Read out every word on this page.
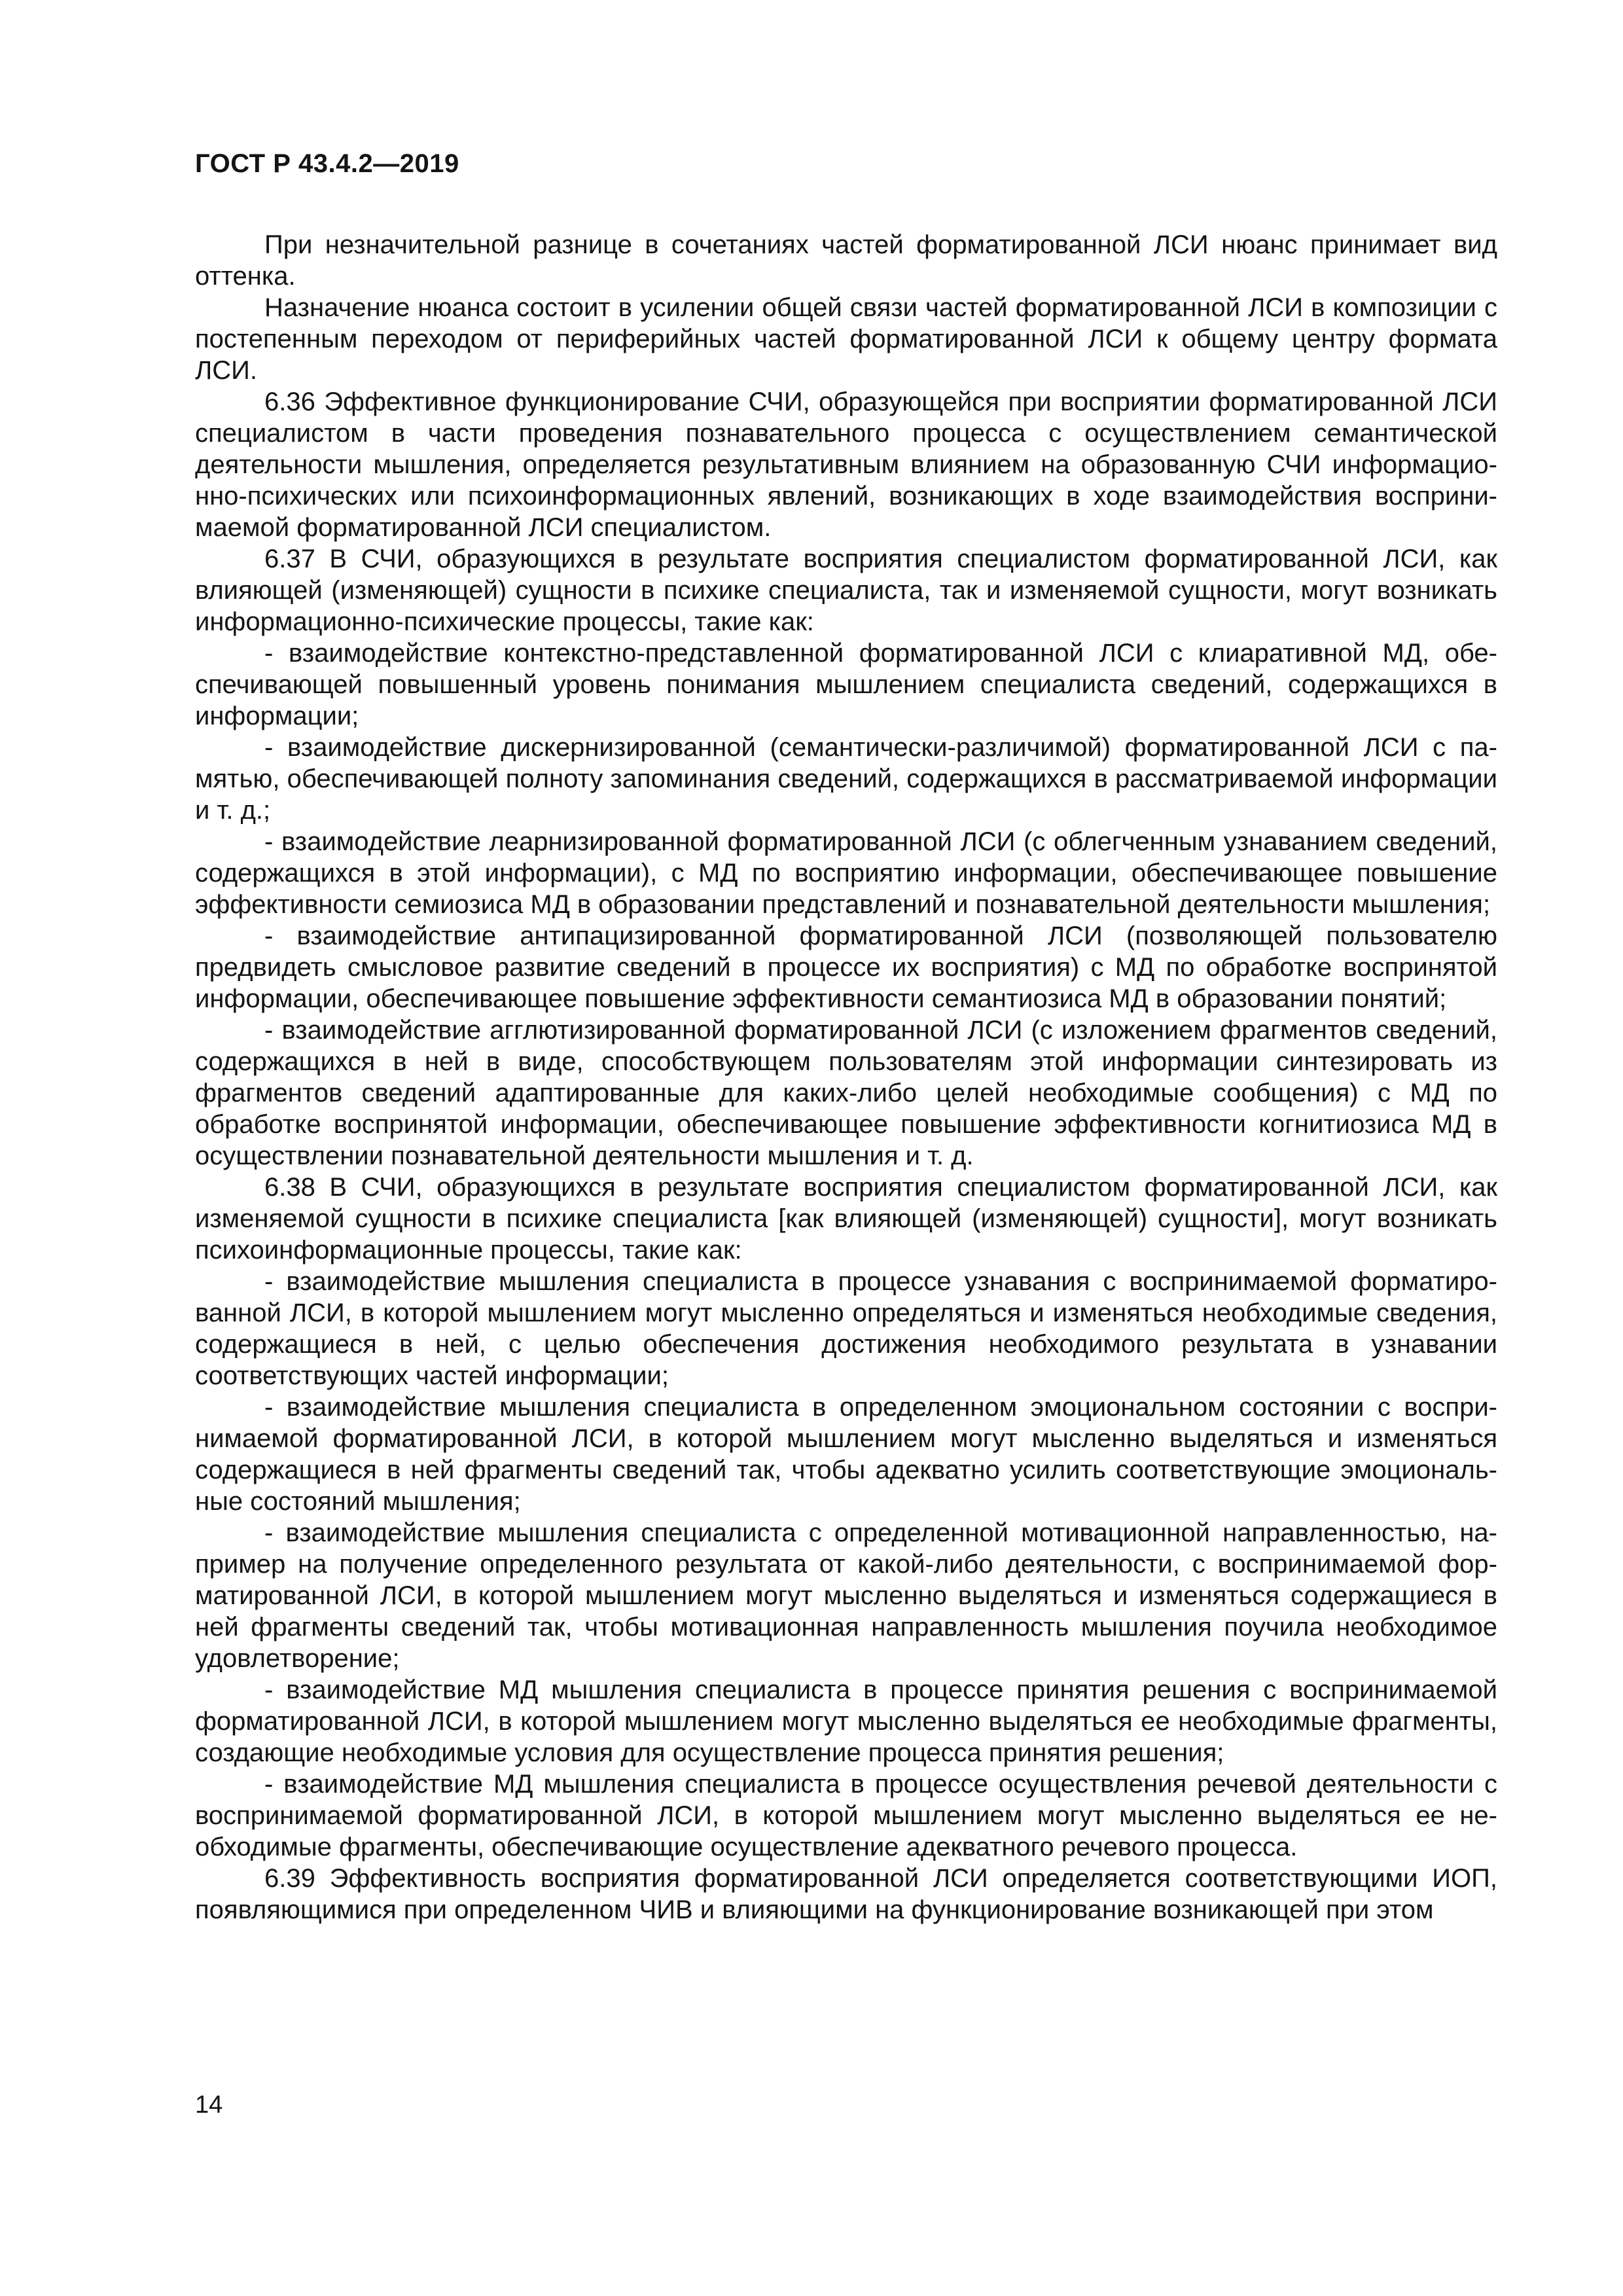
ГОСТ Р 43.4.2—2019

При незначительной разнице в сочетаниях частей форматированной ЛСИ нюанс принимает вид оттенка.

Назначение нюанса состоит в усилении общей связи частей форматированной ЛСИ в композиции с постепенным переходом от периферийных частей форматированной ЛСИ к общему центру формата ЛСИ.

6.36 Эффективное функционирование СЧИ, образующейся при восприятии форматированной ЛСИ специалистом в части проведения познавательного процесса с осуществлением семантической деятельности мышления, определяется результативным влиянием на образованную СЧИ информационно-психических или психоинформационных явлений, возникающих в ходе взаимодействия воспринимаемой форматированной ЛСИ специалистом.

6.37 В СЧИ, образующихся в результате восприятия специалистом форматированной ЛСИ, как влияющей (изменяющей) сущности в психике специалиста, так и изменяемой сущности, могут возникать информационно-психические процессы, такие как:

- взаимодействие контекстно-представленной форматированной ЛСИ с клиаративной МД, обеспечивающей повышенный уровень понимания мышлением специалиста сведений, содержащихся в информации;

- взаимодействие дискернизированной (семантически-различимой) форматированной ЛСИ с памятью, обеспечивающей полноту запоминания сведений, содержащихся в рассматриваемой информации и т. д.;

- взаимодействие леарнизированной форматированной ЛСИ (с облегченным узнаванием сведений, содержащихся в этой информации), с МД по восприятию информации, обеспечивающее повышение эффективности семиозиса МД в образовании представлений и познавательной деятельности мышления;

- взаимодействие антипацизированной форматированной ЛСИ (позволяющей пользователю предвидеть смысловое развитие сведений в процессе их восприятия) с МД по обработке воспринятой информации, обеспечивающее повышение эффективности семантиозиса МД в образовании понятий;

- взаимодействие агглютизированной форматированной ЛСИ (с изложением фрагментов сведений, содержащихся в ней в виде, способствующем пользователям этой информации синтезировать из фрагментов сведений адаптированные для каких-либо целей необходимые сообщения) с МД по обработке воспринятой информации, обеспечивающее повышение эффективности когнитиозиса МД в осуществлении познавательной деятельности мышления и т. д.

6.38 В СЧИ, образующихся в результате восприятия специалистом форматированной ЛСИ, как изменяемой сущности в психике специалиста [как влияющей (изменяющей) сущности], могут возникать психоинформационные процессы, такие как:

- взаимодействие мышления специалиста в процессе узнавания с воспринимаемой форматированной ЛСИ, в которой мышлением могут мысленно определяться и изменяться необходимые сведения, содержащиеся в ней, с целью обеспечения достижения необходимого результата в узнавании соответствующих частей информации;

- взаимодействие мышления специалиста в определенном эмоциональном состоянии с воспринимаемой форматированной ЛСИ, в которой мышлением могут мысленно выделяться и изменяться содержащиеся в ней фрагменты сведений так, чтобы адекватно усилить соответствующие эмоциональные состояний мышления;

- взаимодействие мышления специалиста с определенной мотивационной направленностью, например на получение определенного результата от какой-либо деятельности, с воспринимаемой форматированной ЛСИ, в которой мышлением могут мысленно выделяться и изменяться содержащиеся в ней фрагменты сведений так, чтобы мотивационная направленность мышления поучила необходимое удовлетворение;

- взаимодействие МД мышления специалиста в процессе принятия решения с воспринимаемой форматированной ЛСИ, в которой мышлением могут мысленно выделяться ее необходимые фрагменты, создающие необходимые условия для осуществление процесса принятия решения;

- взаимодействие МД мышления специалиста в процессе осуществления речевой деятельности с воспринимаемой форматированной ЛСИ, в которой мышлением могут мысленно выделяться ее необходимые фрагменты, обеспечивающие осуществление адекватного речевого процесса.

6.39 Эффективность восприятия форматированной ЛСИ определяется соответствующими ИОП, появляющимися при определенном ЧИВ и влияющими на функционирование возникающей при этом

14
